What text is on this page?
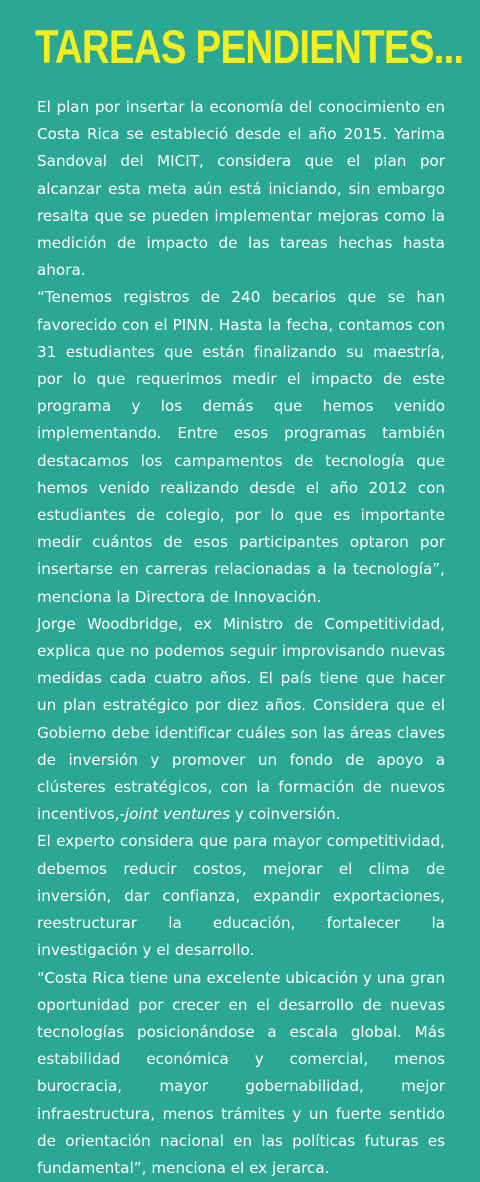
TAREAS PENDIENTES...

El plan por insertar la economía del conocimiento en Costa Rica se estableció desde el año 2015. Yarima Sandoval del MICIT, considera que el plan por alcanzar esta meta aún está iniciando, sin embargo resalta que se pueden implementar mejoras como la medición de impacto de las tareas hechas hasta ahora.

“Tenemos registros de 240 becarios que se han favorecido con el PINN. Hasta la fecha, contamos con 31 estudiantes que están finalizando su maestría, por lo que requerimos medir el impacto de este programa y los demás que hemos venido implementando. Entre esos programas también destacamos los campamentos de tecnología que hemos venido realizando desde el año 2012 con estudiantes de colegio, por lo que es importante medir cuántos de esos participantes optaron por insertarse en carreras relacionadas a la tecnología”, menciona la Directora de Innovación.

Jorge Woodbridge, ex Ministro de Competitividad, explica que no podemos seguir improvisando nuevas medidas cada cuatro años. El país tiene que hacer un plan estratégico por diez años. Considera que el Gobierno debe identificar cuáles son las áreas claves de inversión y promover un fondo de apoyo a clústeres estratégicos, con la formación de nuevos incentivos,-joint ventures y coinversión.

El experto considera que para mayor competitividad, debemos reducir costos, mejorar el clima de inversión, dar confianza, expandir exportaciones, reestructurar la educación, fortalecer la investigación y el desarrollo.

“Costa Rica tiene una excelente ubicación y una gran oportunidad por crecer en el desarrollo de nuevas tecnologías posicionándose a escala global. Más estabilidad económica y comercial, menos burocracia, mayor gobernabilidad, mejor infraestructura, menos trámites y un fuerte sentido de orientación nacional en las políticas futuras es fundamental”, menciona el ex jerarca.
